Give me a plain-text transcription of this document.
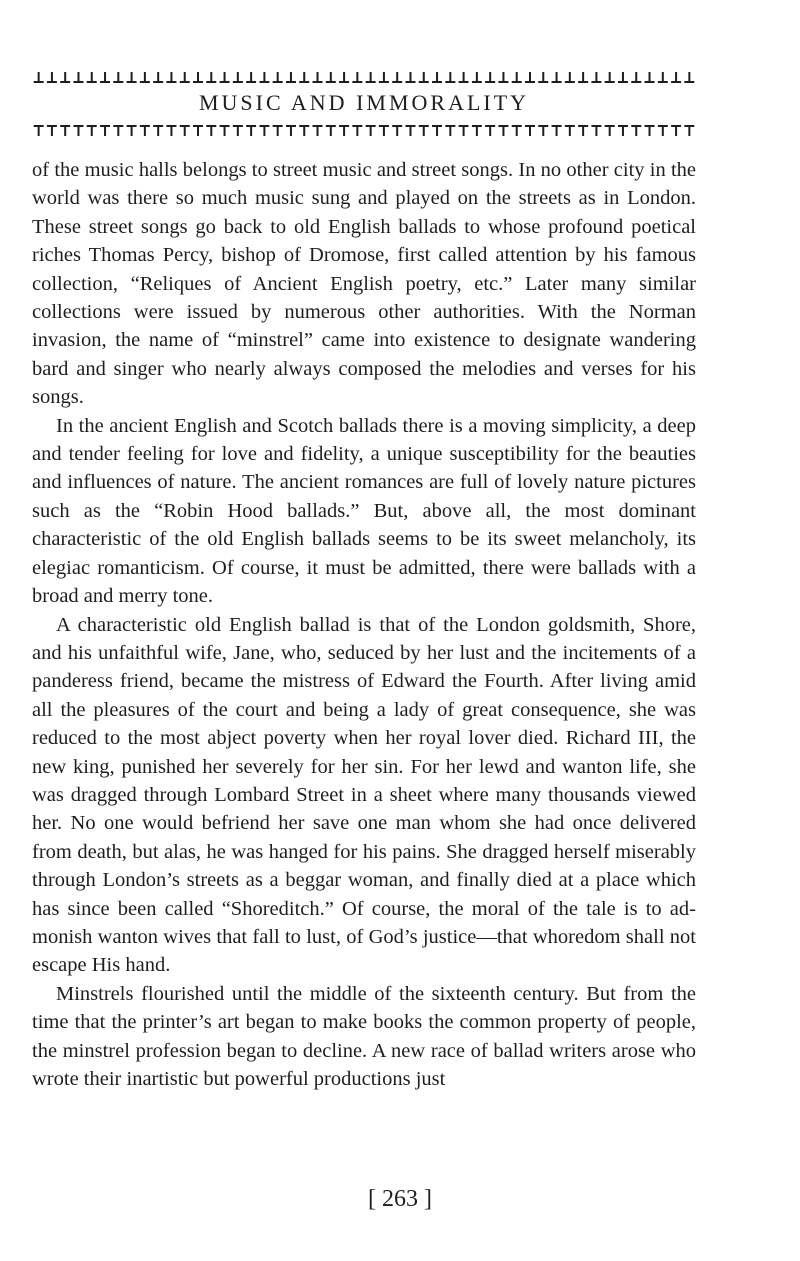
MUSIC AND IMMORALITY

of the music halls belongs to street music and street songs. In no other city in the world was there so much music sung and played on the streets as in London. These street songs go back to old English ballads to whose profound poetical riches Thomas Percy, bishop of Dromose, first called attention by his famous collection, “Reliques of Ancient English poetry, etc.” Later many similar collections were issued by numerous other authorities. With the Norman invasion, the name of “minstrel” came into existence to designate wandering bard and singer who nearly always composed the melodies and verses for his songs.

In the ancient English and Scotch ballads there is a moving simplicity, a deep and tender feeling for love and fidelity, a unique susceptibility for the beauties and influences of nature. The ancient romances are full of lovely nature pictures such as the “Robin Hood ballads.” But, above all, the most dominant characteristic of the old English ballads seems to be its sweet melancholy, its elegiac romanticism. Of course, it must be admitted, there were ballads with a broad and merry tone.

A characteristic old English ballad is that of the London goldsmith, Shore, and his unfaithful wife, Jane, who, seduced by her lust and the incitements of a panderess friend, became the mistress of Edward the Fourth. After living amid all the pleasures of the court and being a lady of great consequence, she was reduced to the most abject poverty when her royal lover died. Richard III, the new king, punished her severely for her sin. For her lewd and wanton life, she was dragged through Lombard Street in a sheet where many thousands viewed her. No one would befriend her save one man whom she had once delivered from death, but alas, he was hanged for his pains. She dragged herself miserably through London’s streets as a beggar woman, and finally died at a place which has since been called “Shoreditch.” Of course, the moral of the tale is to admonish wanton wives that fall to lust, of God’s justice—that whoredom shall not escape His hand.

Minstrels flourished until the middle of the sixteenth century. But from the time that the printer’s art began to make books the common property of people, the minstrel profession began to decline. A new race of ballad writers arose who wrote their inartistic but powerful productions just

[ 263 ]
